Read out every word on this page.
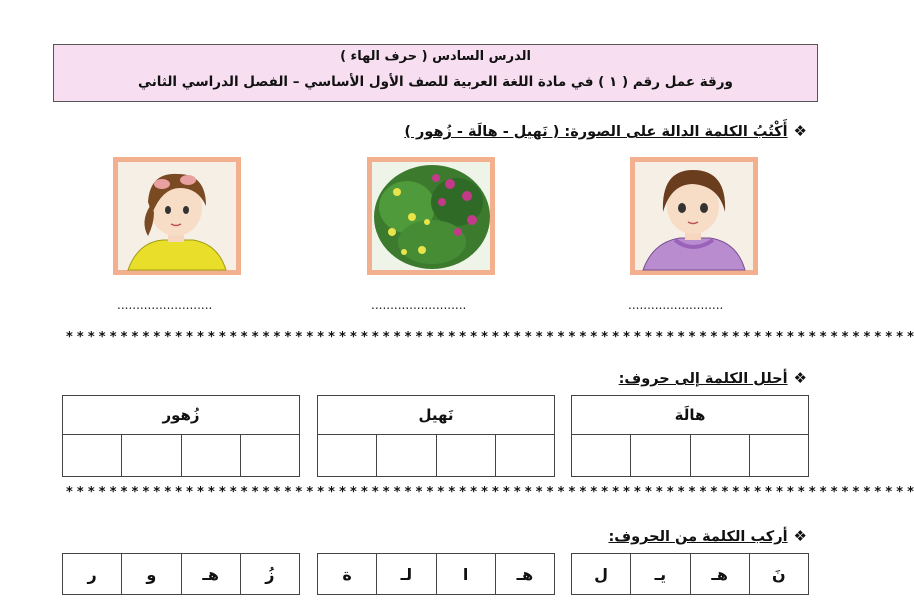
الدرس السادس ( حرف الهاء )
ورقة عمل رقم ( ١ ) في مادة اللغة العربية للصف الأول الأساسي – الفصل الدراسي الثاني
❖أَكْتُبُ الكلمة الدالة على الصورة: ( نَهيل - هالَة - زُهور )
.........................	.........................	.........................
* * * * * * * * * * * * * * * * * * * * * * * * * * * * * * * * * * * * * * * * * * * * * * * * * * * * * * * * * * * * * * * * * * * * * * * * * * * * * *
❖أحلل الكلمة إلى حروف:
هالَة

نَهيل

زُهور

* * * * * * * * * * * * * * * * * * * * * * * * * * * * * * * * * * * * * * * * * * * * * * * * * * * * * * * * * * * * * * * * * * * * * * * * * * * * * *
❖أركب الكلمة من الحروف:
نَ	هـ	يـ	ل
هـ	ا	لـ	ة
زُ	هـ	و	ر
